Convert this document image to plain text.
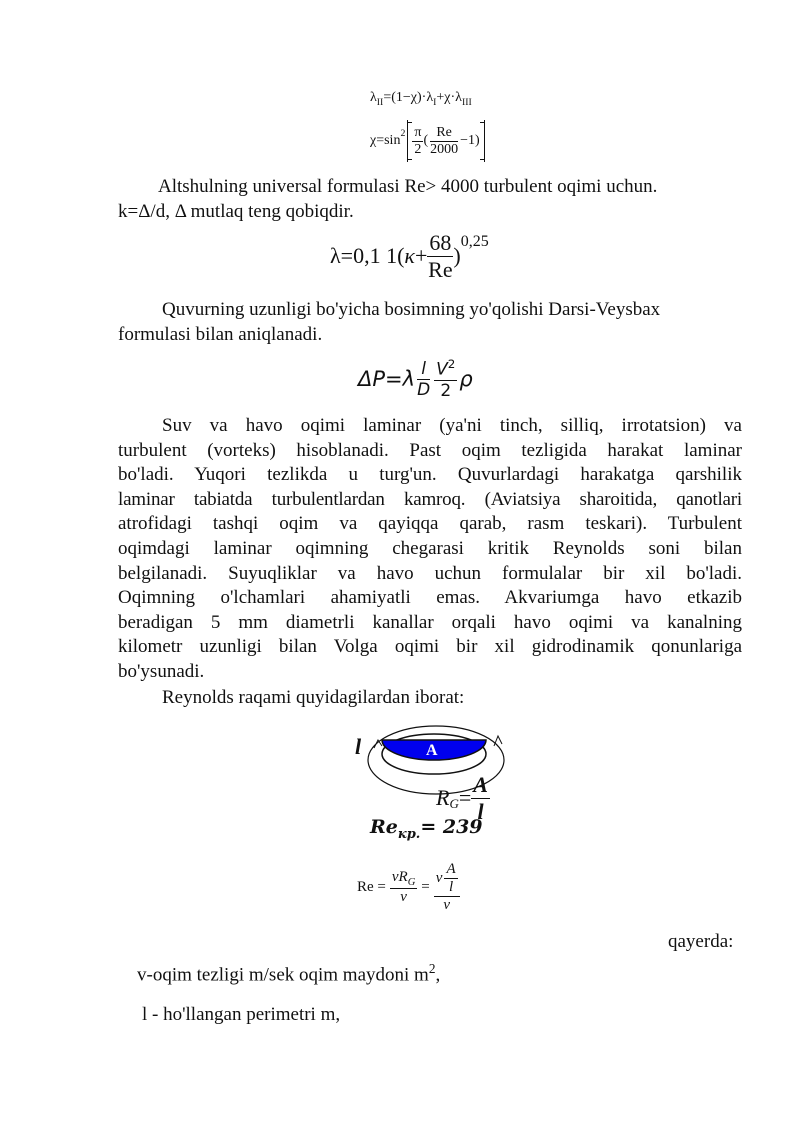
$\lambda_{II}=(1-\chi)\cdot\lambda_I+\chi\cdot\lambda_{III}$
$\chi=\sin^2 \frac{\pi}{2}$ ( $\frac{Re}{2000} -1$)
Altshulning universal formulasi Re> 4000 turbulent oqimi uchun.
k=Δ/d, Δ mutlaq teng qobiqdir.
λ=0,1 1( $\kappa + \frac{68}{Re}$ )
$^{0,25}$
Quvurning uzunligi bo'yicha bosimning yo'qolishi Darsi-Veysbax
formulasi bilan aniqlanadi.
$\Delta P=\lambda \frac{l}{D} \frac{V^2}{2}$ ρ
Suv va havo oqimi laminar (ya'ni tinch, silliq, irrotatsion) va
turbulent (vorteks) hisoblanadi. Past oqim tezligida harakat laminar
bo'ladi. Yuqori tezlikda u turg'un. Quvurlardagi harakatga qarshilik
laminar tabiatda turbulentlardan kamroq. (Aviatsiya sharoitida, qanotlari
atrofidagi tashqi oqim va qayiqqa qarab, rasm teskari). Turbulent
oqimdagi laminar oqimning chegarasi kritik Reynolds soni bilan
belgilanadi. Suyuqliklar va havo uchun formulalar bir xil bo'ladi.
Oqimning o'lchamlari ahamiyatli emas. Akvariumga havo etkazib
beradigan 5 mm diametrli kanallar orqali havo oqimi va kanalning
kilometr uzunligi bilan Volga oqimi bir xil gidrodinamik qonunlariga
bo'ysunadi.
Reynolds raqami quyidagilardan iborat:
A
l
$R_G = \frac{A}{l}$
$Re_{кр.}= 239$
$Re = \frac{vR_G}{\nu} = \frac{v \frac{A}{l}}{\nu}$
qayerda:
v-oqim tezligi m/sek oqim maydoni $m^2$,
l - ho'llangan perimetri m,
